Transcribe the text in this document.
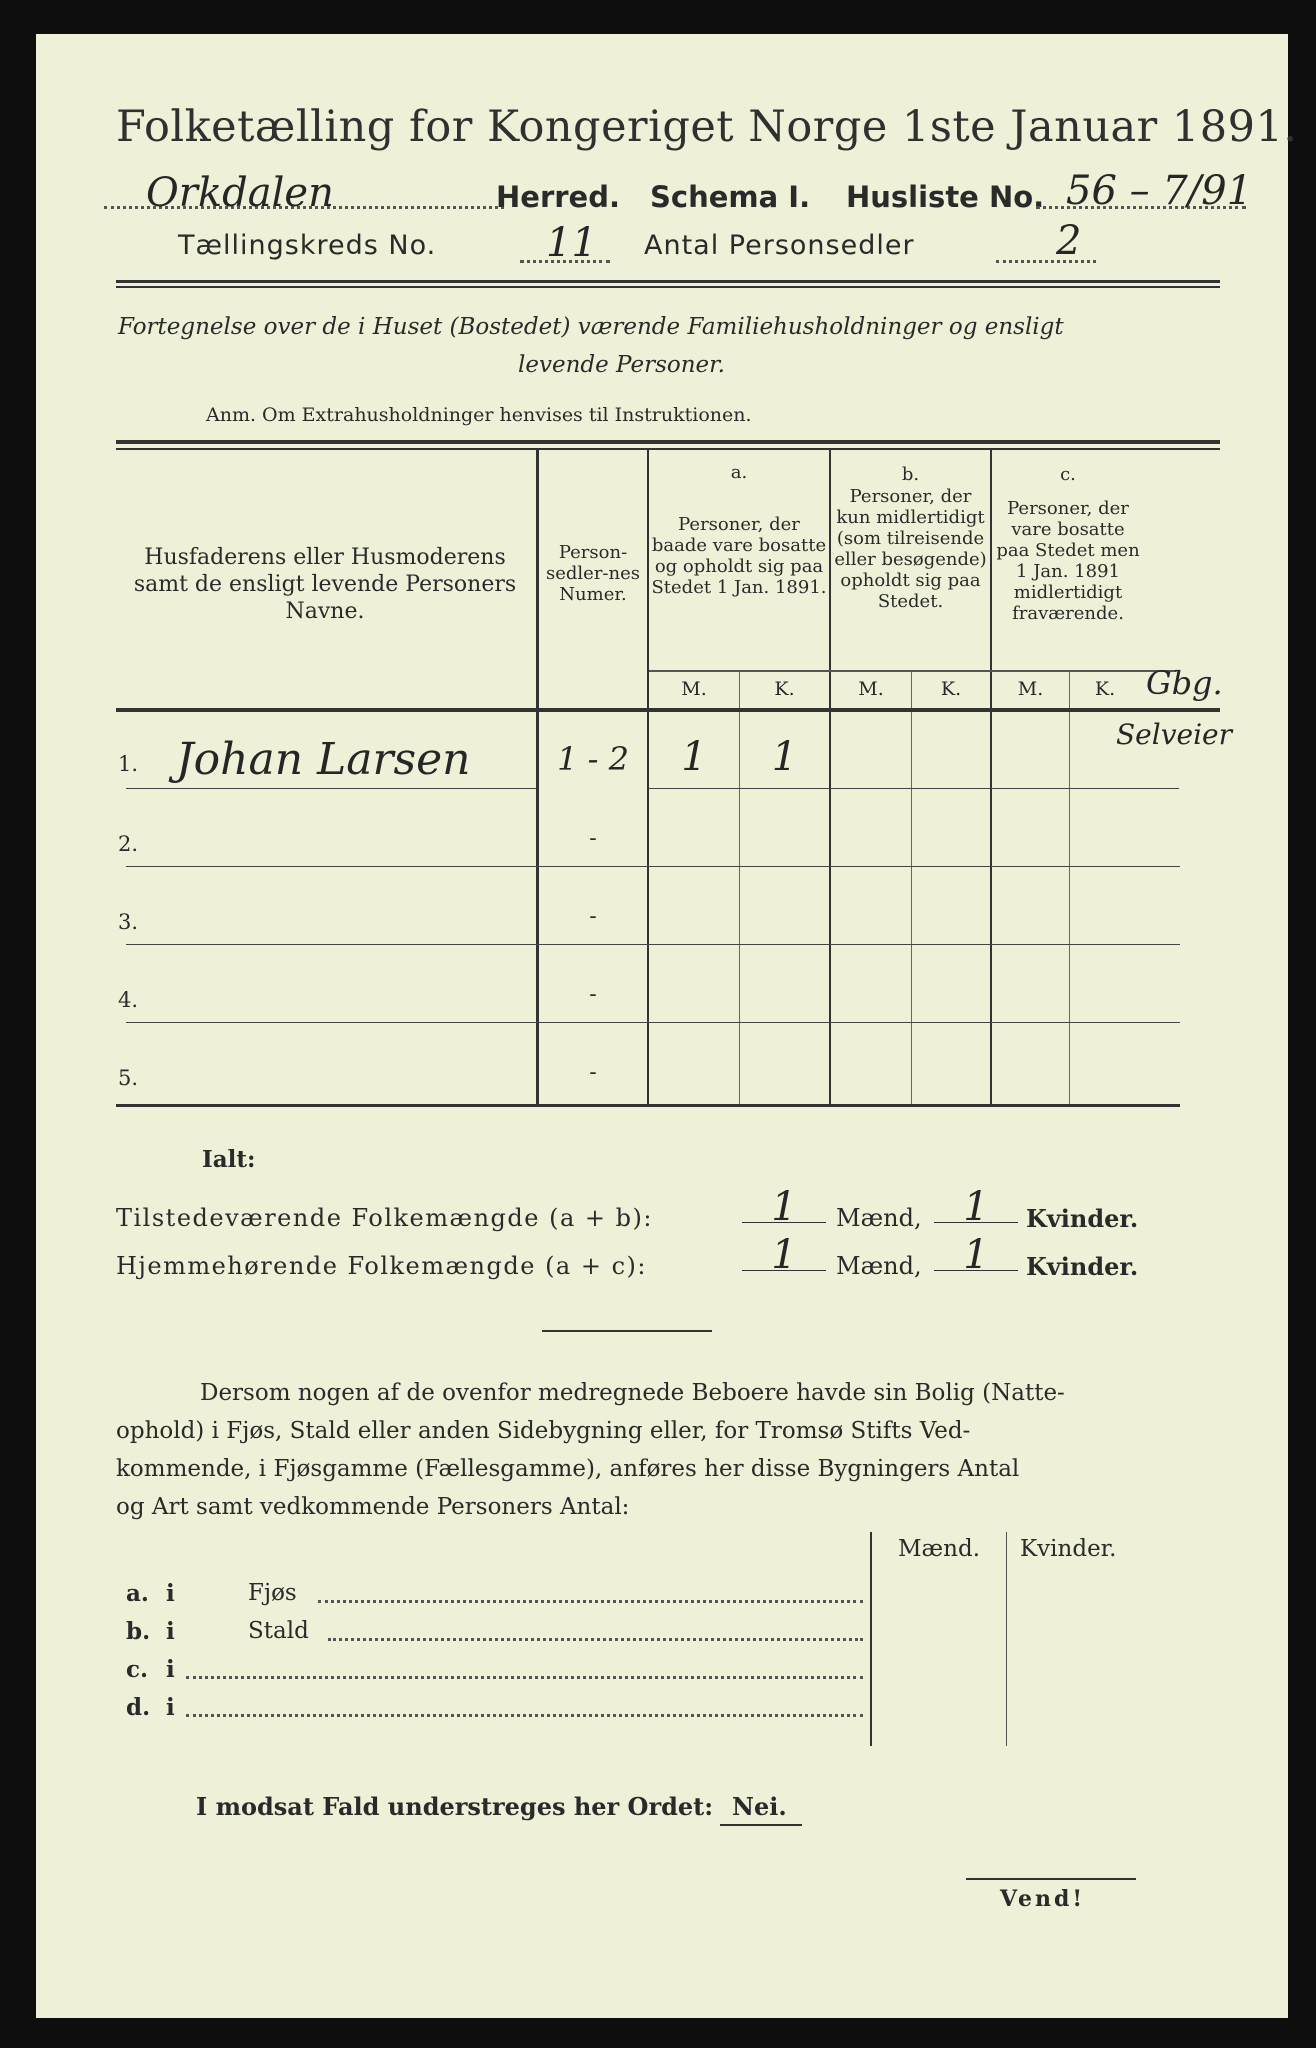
Folketælling for Kongeriget Norge 1ste Januar 1891.
Orkdalen	Herred. Schema I. Husliste No. 56 – 7/91
Tællingskreds No.	11 Antal Personsedler	2
Fortegnelse over de i Huset (Bostedet) værende Familiehusholdninger og ensligt
levende Personer.
Anm. Om Extrahusholdninger henvises til Instruktionen.
Husfaderens eller Husmoderens samt de ensligt levende Personers Navne.
Person-sedler-nes Numer.
a.
Personer, der baade vare bosatte og opholdt sig paa Stedet 1 Jan. 1891.
b.
Personer, der kun midlertidigt (som tilreisende eller besøgende) opholdt sig paa Stedet.
c.
Personer, der vare bosatte paa Stedet men 1 Jan. 1891 midlertidigt fraværende.
M.	K.	M.	K.	M.	K. Gbg.
Selveier
1. Johan Larsen	1 - 2	1	1
2.	-
3.	-
4.	-
5.	-
Ialt:
Tilstedeværende Folkemængde (a + b):	1	Mænd,	1	Kvinder.
Hjemmehørende Folkemængde (a + c):	1	Mænd,	1	Kvinder.
Dersom nogen af de ovenfor medregnede Beboere havde sin Bolig (Natte-
ophold) i Fjøs, Stald eller anden Sidebygning eller, for Tromsø Stifts Ved-
kommende, i Fjøsgamme (Fællesgamme), anføres her disse Bygningers Antal
og Art samt vedkommende Personers Antal:
Mænd. Kvinder.
a. i	Fjøs
b. i	Stald
c. i
d. i
I modsat Fald understreges her Ordet: Nei.
Vend!
